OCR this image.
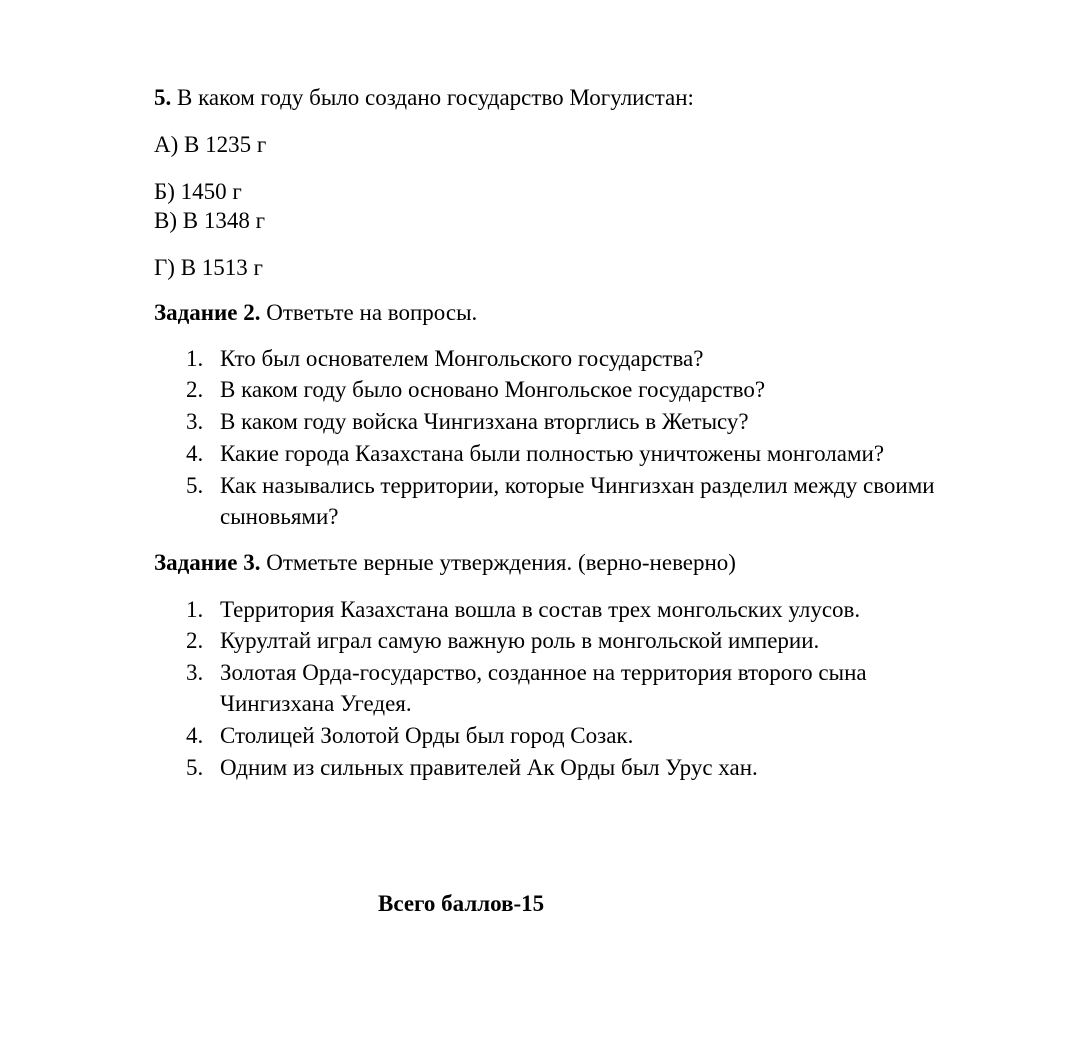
5. В каком году было создано государство Могулистан:
А) В 1235 г
Б) 1450 г
В) В 1348 г
Г) В 1513 г
Задание 2. Ответьте на вопросы.
1. Кто был основателем Монгольского государства?
2. В каком году было основано Монгольское государство?
3. В каком году войска Чингизхана вторглись в Жетысу?
4. Какие города Казахстана были полностью уничтожены монголами?
5. Как назывались территории, которые Чингизхан разделил между своими сыновьями?
Задание 3. Отметьте верные утверждения. (верно-неверно)
1. Территория Казахстана вошла в состав трех монгольских улусов.
2. Курултай играл самую важную роль в монгольской империи.
3. Золотая Орда-государство, созданное на территория второго сына Чингизхана Угедея.
4. Столицей Золотой Орды был город Созак.
5. Одним из сильных правителей Ак Орды был Урус хан.
Всего баллов-15
